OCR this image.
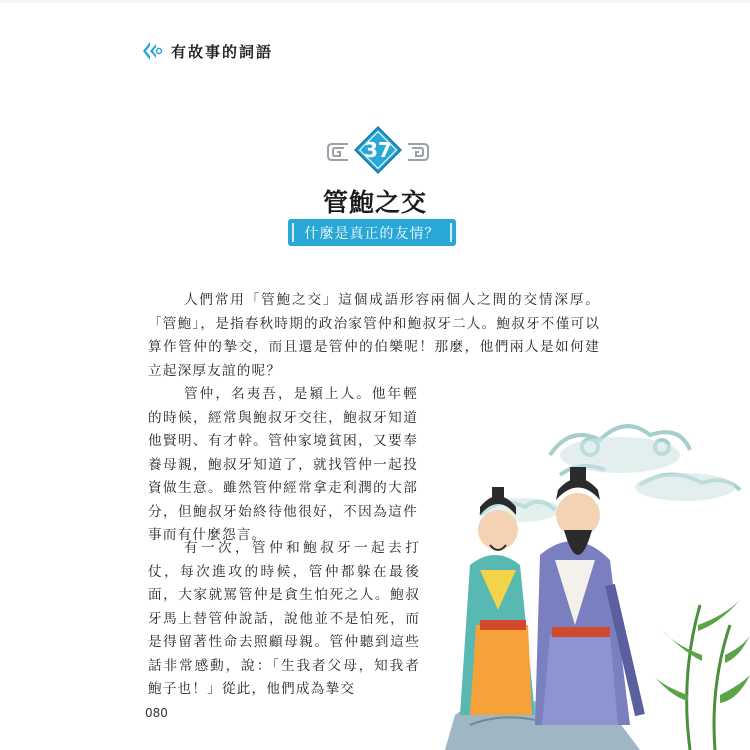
有故事的詞語
37
管鮑之交
什麼是真正的友情？

人們常用「管鮑之交」這個成語形容兩個人之間的交情深厚。「管鮑」，是指春秋時期的政治家管仲和鮑叔牙二人。鮑叔牙不僅可以算作管仲的摯交，而且還是管仲的伯樂呢！那麼，他們兩人是如何建立起深厚友誼的呢？

管仲，名夷吾，是潁上人。他年輕的時候，經常與鮑叔牙交往，鮑叔牙知道他賢明、有才幹。管仲家境貧困，又要奉養母親，鮑叔牙知道了，就找管仲一起投資做生意。雖然管仲經常拿走利潤的大部分，但鮑叔牙始終待他很好，不因為這件事而有什麼怨言。

有一次，管仲和鮑叔牙一起去打仗，每次進攻的時候，管仲都躲在最後面，大家就罵管仲是貪生怕死之人。鮑叔牙馬上替管仲說話，說他並不是怕死，而是得留著性命去照顧母親。管仲聽到這些話非常感動，說：「生我者父母，知我者鮑子也！」從此，他們成為摯交

080
